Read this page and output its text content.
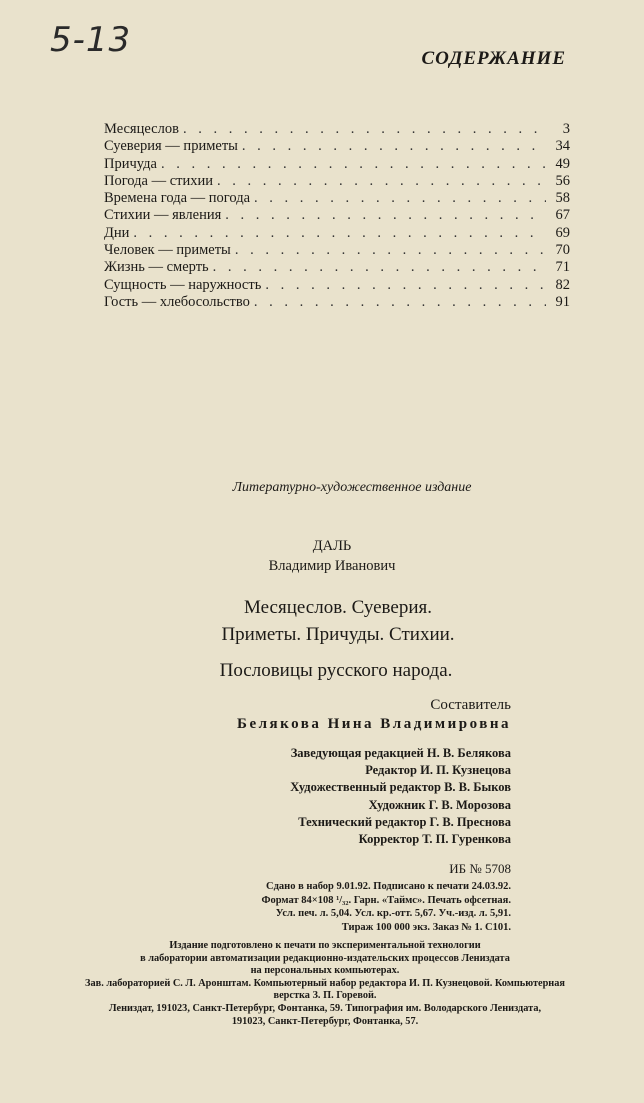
5-13	СОДЕРЖАНИЕ
Месяцеслов . . .	3
Суеверия — приметы . . .	34
Причуда . . .	49
Погода — стихии . . .	56
Времена года — погода . . .	58
Стихии — явления . . .	67
Дни . . .	69
Человек — приметы . . .	70
Жизнь — смерть . . .	71
Сущность — наружность . . .	82
Гость — хлебосольство . . .	91
Литературно-художественное издание
ДАЛЬ
Владимир Иванович
Месяцеслов. Суеверия.
Приметы. Причуды. Стихии.
Пословицы русского народа.
Составитель
Белякова Нина Владимировна
Заведующая редакцией Н. В. Белякова
Редактор И. П. Кузнецова
Художественный редактор В. В. Быков
Художник Г. В. Морозова
Технический редактор Г. В. Преснова
Корректор Т. П. Гуренкова
ИБ № 5708
Сдано в набор 9.01.92. Подписано к печати 24.03.92.
Формат 84×108 ¹/₃₂. Гарн. «Таймс». Печать офсетная.
Усл. печ. л. 5,04. Усл. кр.-отт. 5,67. Уч.-изд. л. 5,91.
Тираж 100 000 экз. Заказ № 1. С101.
Издание подготовлено к печати по экспериментальной технологии
в лаборатории автоматизации редакционно-издательских процессов Лениздата
на персональных компьютерах.
Зав. лабораторией С. Л. Аронштам. Компьютерный набор редактора И. П. Кузнецовой. Компьютерная
верстка З. П. Горевой.
Лениздат, 191023, Санкт-Петербург, Фонтанка, 59. Типография им. Володарского Лениздата,
191023, Санкт-Петербург, Фонтанка, 57.
